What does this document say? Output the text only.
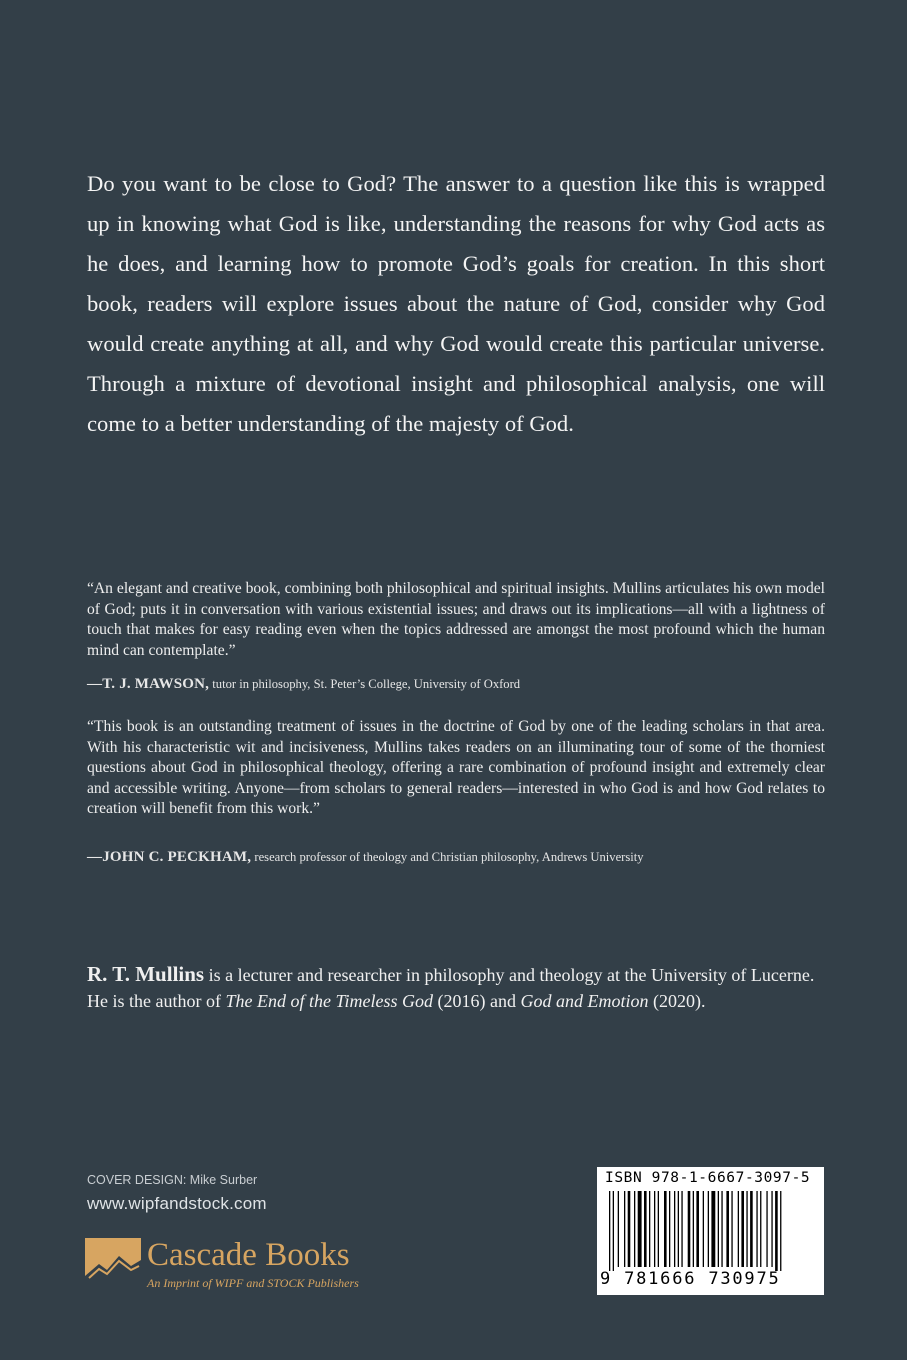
Do you want to be close to God? The answer to a question like this is wrapped up in knowing what God is like, understanding the reasons for why God acts as he does, and learning how to promote God’s goals for creation. In this short book, readers will explore issues about the nature of God, consider why God would create anything at all, and why God would create this particular universe. Through a mixture of devotional insight and philosophical analysis, one will come to a better understanding of the majesty of God.

“An elegant and creative book, combining both philosophical and spiritual insights. Mullins articulates his own model of God; puts it in conversation with various existential issues; and draws out its implications—all with a lightness of touch that makes for easy reading even when the topics addressed are amongst the most profound which the human mind can contemplate.”

—T. J. MAWSON, tutor in philosophy, St. Peter’s College, University of Oxford

“This book is an outstanding treatment of issues in the doctrine of God by one of the leading scholars in that area. With his characteristic wit and incisiveness, Mullins takes readers on an illuminating tour of some of the thorniest questions about God in philosophical theology, offering a rare combination of profound insight and extremely clear and accessible writing. Anyone—from scholars to general readers—interested in who God is and how God relates to creation will benefit from this work.”

—JOHN C. PECKHAM, research professor of theology and Christian philosophy, Andrews University

R. T. Mullins is a lecturer and researcher in philosophy and theology at the University of Lucerne. He is the author of The End of the Timeless God (2016) and God and Emotion (2020).

COVER DESIGN: Mike Surber
www.wipfandstock.com
Cascade Books
An Imprint of WIPF and STOCK Publishers
ISBN 978-1-6667-3097-5
9 781666 730975
